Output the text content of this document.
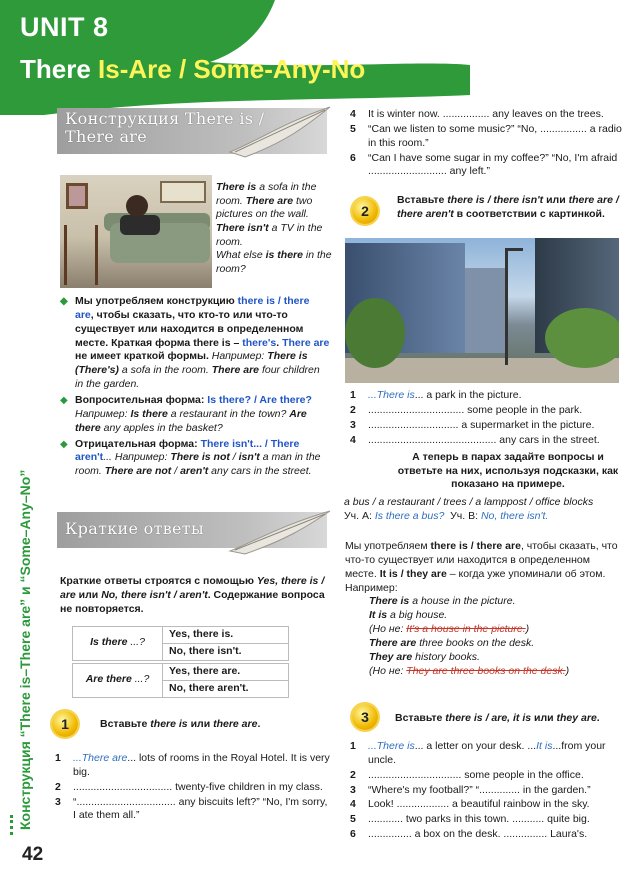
UNIT 8
There Is-Are / Some-Any-No
Конструкция “There is–There are” и “Some–Any–No”
42
Конструкция There is /
There are
There is a sofa in the room. There are two pictures on the wall. There isn't a TV in the room.
What else is there in the room?
◆ Мы употребляем конструкцию there is / there are, чтобы сказать, что кто-то или что-то существует или находится в определенном месте. Краткая форма there is – there's. There are не имеет краткой формы. Например: There is (There's) a sofa in the room. There are four children in the garden.
◆ Вопросительная форма: Is there? / Are there? Например: Is there a restaurant in the town? Are there any apples in the basket?
◆ Отрицательная форма: There isn't... / There aren't... Например: There is not / isn't a man in the room. There are not / aren't any cars in the street.
Краткие ответы
Краткие ответы строятся с помощью Yes, there is / are или No, there isn't / aren't. Содержание вопроса не повторяется.
Is there ...?	Yes, there is.
No, there isn't.
Are there ...?	Yes, there are.
No, there aren't.
1	Вставьте there is или there are.
1 ...There are... lots of rooms in the Royal Hotel. It is very big.
2 .................................. twenty-five children in my class.
3 “.................................. any biscuits left?” “No, I'm sorry, I ate them all.”
4 It is winter now. ................ any leaves on the trees.
5 “Can we listen to some music?” “No, ................ a radio in this room.”
6 “Can I have some sugar in my coffee?” “No, I'm afraid ........................... any left.”
2
Вставьте there is / there isn't или there are / there aren't в соответствии с картинкой.
1 ...There is... a park in the picture.
2 ................................. some people in the park.
3 ............................... a supermarket in the picture.
4 ............................................ any cars in the street.
А теперь в парах задайте вопросы и ответьте на них, используя подсказки, как показано на примере.
a bus / a restaurant / trees / a lamppost / office blocks
Уч. А: Is there a bus? Уч. В: No, there isn't.
Мы употребляем there is / there are, чтобы сказать, что что-то существует или находится в определенном месте. It is / they are – когда уже упоминали об этом. Например:
There is a house in the picture.
It is a big house.
(Но не: It's a house in the picture.)
There are three books on the desk.
They are history books.
(Но не: They are three books on the desk.)
3	Вставьте there is / are, it is или they are.
1 ...There is... a letter on your desk. ...It is...from your uncle.
2 ................................ some people in the office.
3 “Where's my football?” “.............. in the garden.”
4 Look! .................. a beautiful rainbow in the sky.
5 ............ two parks in this town. ........... quite big.
6 ............... a box on the desk. ............... Laura's.
